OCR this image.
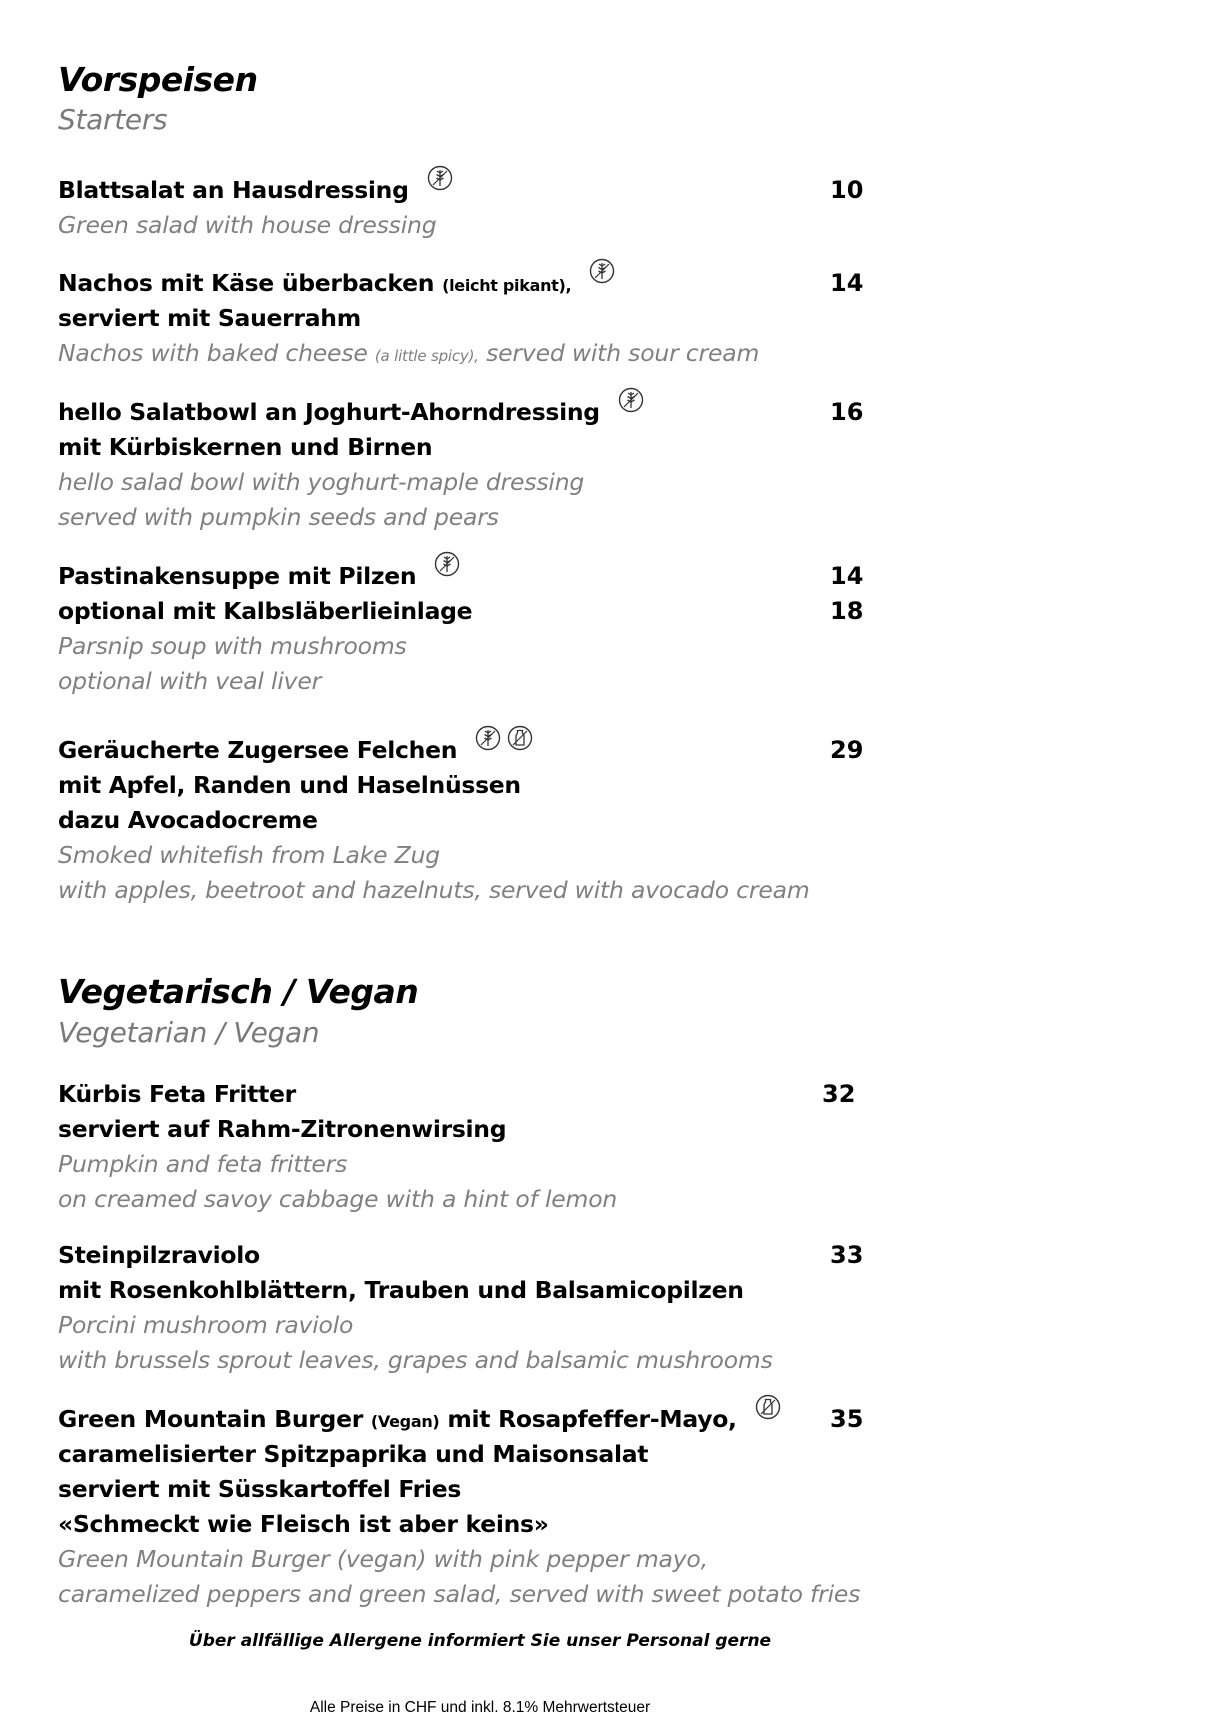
Vorspeisen
Starters
Blattsalat an Hausdressing
Green salad with house dressing
10
Nachos mit Käse überbacken (leicht pikant),
serviert mit Sauerrahm
Nachos with baked cheese (a little spicy), served with sour cream
14
hello Salatbowl an Joghurt-Ahorndressing
mit Kürbiskernen und Birnen
hello salad bowl with yoghurt-maple dressing
served with pumpkin seeds and pears
16
Pastinakensuppe mit Pilzen
optional mit Kalbsläberlieinlage
Parsnip soup with mushrooms
optional with veal liver
14
18
Geräucherte Zugersee Felchen
mit Apfel, Randen und Haselnüssen
dazu Avocadocreme
Smoked whitefish from Lake Zug
with apples, beetroot and hazelnuts, served with avocado cream
29
Vegetarisch / Vegan
Vegetarian / Vegan
Kürbis Feta Fritter
serviert auf Rahm-Zitronenwirsing
Pumpkin and feta fritters
on creamed savoy cabbage with a hint of lemon
32
Steinpilzraviolo
mit Rosenkohlblättern, Trauben und Balsamicopilzen
Porcini mushroom raviolo
with brussels sprout leaves, grapes and balsamic mushrooms
33
Green Mountain Burger (Vegan) mit Rosapfeffer-Mayo,
caramelisierter Spitzpaprika und Maisonsalat
serviert mit Süsskartoffel Fries
«Schmeckt wie Fleisch ist aber keins»
Green Mountain Burger (vegan) with pink pepper mayo,
caramelized peppers and green salad, served with sweet potato fries
35
Über allfällige Allergene informiert Sie unser Personal gerne
Alle Preise in CHF und inkl. 8.1% Mehrwertsteuer
